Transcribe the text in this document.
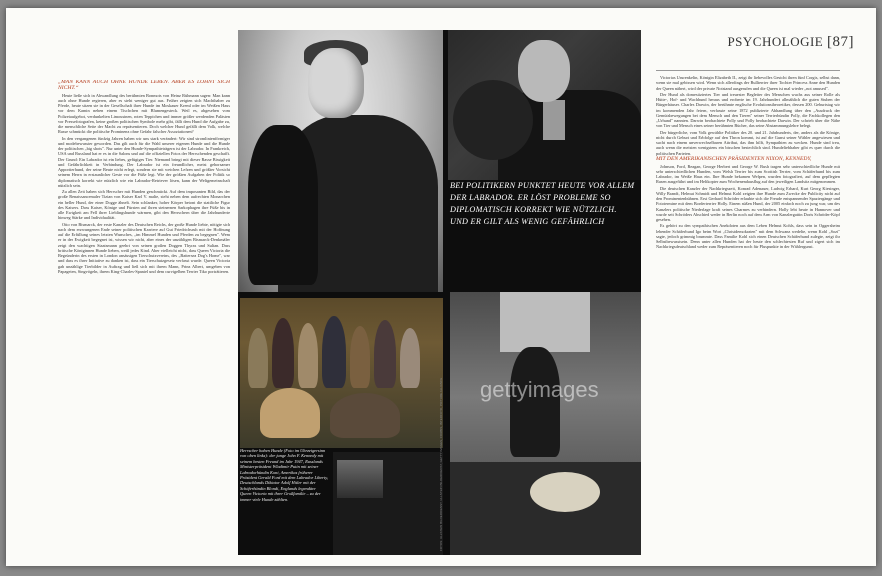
PSYCHOLOGIE [87]

„MAN KANN AUCH OHNE HUNDE LEBEN. ABER ES LOHNT SICH NICHT.“

Heute ließe sich in Abwandlung des berühmten Bonmots von Heinz Rühmann sagen: Man kann auch ohne Hunde regieren, aber es sieht weniger gut aus. Früher zeigten sich Machthaber zu Pferde, heute sitzen sie in der Gesellschaft ihrer Hunde im Moskauer Kreml oder im Weißen Haus vor dem Kamin neben einem Tischchen mit Blumengesteck. Weil es, abgesehen vom Polizeiaufgebot, verdunkelten Limousinen, roten Teppichen und immer größer werdenden Palästen vor Pressefotografen, keine großen politischen Symbole mehr gibt, fällt dem Hund die Aufgabe zu, die menschliche Seite der Macht zu repräsentieren. Doch welcher Hund gefällt dem Volk, welche Rasse schmückt die politische Prominenz ohne Gefahr falscher Assoziationen?

In den vergangenen fünfzig Jahren haben wir uns stark verändert: Wir sind stromlinienförmiger und modebewusster geworden. Das gilt auch für die Wahl unserer eigenen Hunde und die Hunde der politischen „big shots". Nur unter den Hunde-Sympathieträgern ist der Labrador. In Frankreich, USA und Russland hat er es in die Salons und auf die offiziellen Fotos der Herrschenden geschafft. Der Grund: Ein Labrador ist ein liebes, gefügiges Tier. Niemand bringt mit dieser Rasse Bissigkeit und Gefährlichkeit in Verbindung. Der Labrador ist ein freundlicher, meist gehorsamer Apportierhund, der seine Beute nicht erlegt, sondern sie mit weichen Lefzen und größter Vorsicht seinem Herrn in erstaunlicher Geste vor die Füße legt. Wie der größten Aufgaben der Politik so diplomatisch korrekt wie nützlich wie ein Labrador-Retriever lösen, kann der Weltgemeinschaft nützlich sein.

Zu allen Zeit haben sich Herrscher mit Hunden geschmückt. Auf dem imposanten Bild, das der große Renaissancemaler Tizian von Kaiser Karl V. malte, steht neben dem aufrechten Monarchen ein heller Hund, der einer Dogge ähnelt. Sein schlanker, hoher Körper betont die stattliche Figur des Kaisers. Dass Kaiser, Könige und Fürsten auf ihren steinernen Sarkophagen ihre Füße bis in alle Ewigkeit am Fell ihrer Lieblingshunde wärmen, gibt den Herrschern über die Jahrhunderte hinweg Stärke und Individualität.

Otto von Bismarck, der erste Kanzler des Deutschen Reichs, der große Hunde liebte, nötigte sich nach dem erzwungenen Ende seiner politischen Karriere auf Gut Friedrichsruh mit der Hoffnung auf die Erfüllung seines letzten Wunsches, „im Himmel Hunden und Pferden zu begegnen". Wem er in der Ewigkeit begegnet ist, wissen wir nicht, aber eines der unzähligen Bismarck-Denkmäler zeigt den wachtigen Staatsmann geehrt von seinen großen Doggen Thyras und Sultan. Dass britische Königinnen Hunde lieben, weiß jedes Kind. Aber vielleicht nicht, dass Queen Victoria die Begründerin des ersten in London ansässigen Tierschutzvereins, des „Battersea Dog's Home", war und dass es ihrer Initiative zu danken ist, dass ein Tierschutzgesetz verfasst wurde. Queen Victoria gab unzählige Tierbilder in Auftrag und ließ sich mit ihrem Mann, Prinz Albert, umgeben von Papageien, Singvögeln, ihrem King-Charles-Spaniel und dem curvigelben Terrier Tiko porträtieren.

BEI POLITIKERN PUNKTET HEUTE VOR ALLEM DER LABRADOR. ER LÖST PROBLEME SO DIPLOMATISCH KORREKT WIE NÜTZLICH. UND ER GILT ALS WENIG GEFÄHRLICH
Herrscher haben Hunde (Foto im Uhrzeigersinn von oben links): der junge John F. Kennedy mit seinem besten Freund im Jahr 1947, Russlands Ministerpräsident Wladimir Putin mit seiner Labradorhündin Koni, Amerikas früherer Präsident Gerald Ford mit dem Labrador Liberty, Deutschlands Diktator Adolf Hitler mit der Schäferhündin Blondi, Englands legendäre Queen Victoria mit ihrer Großfamilie – zu der immer viele Hunde zählten.	FOTOS: ULLSTEIN BILDERDIENST, ULLSTEIN BILDERDIENST, GETTY IMAGES, CORBIS, INTERFOTO, PICTURE ALLIANCE gettyimages

Victorias Ururenkelin, Königin Elizabeth II., zeigt ihr liebevolles Gesicht ihren fünf Corgis, selbst dann, wenn sie mal gebissen wird. Wenn sich allerdings der Bullterrier ihrer Tochter Princess Anne den Hunden der Queen nähert, wird der private Notstand ausgerufen und die Queen ist mal wieder „not amused".

Der Hund als domestiziertes Tier und treuester Begleiter des Menschen wuchs aus seiner Rolle als Hütte-, Hof- und Wachhund heraus und eroberte im 19. Jahrhundert allmählich die guten Stuben der Bürgerhäuser. Charles Darwin, der berühmte englische Evolutionstheoretiker, dessen 200. Geburtstag wir im kommenden Jahr feiern, verfasste seine 1872 publizierte Abhandlung über den „Ausdruck der Gemütsbewegungen bei dem Mensch und den Tieren" seiner Terrierhündin Polly, die Fachkollegen den „Urhund" nannten. Darwin beobachtete Polly und Polly beobachtete Darwin. Der schrieb über die Nähe von Tier und Mensch eines seiner berühmten Bücher, das seine Abstammungslehre belegt.

Der bürgerliche, vom Volk gewählte Politiker des 20. und 21. Jahrhunderts, der, anders als die Könige, nicht durch Geburt und Erbfolge auf den Thron kommt, ist auf die Gunst seiner Wähler angewiesen und sucht nach einem unverwechselbaren Attribut, das ihm hilft, Sympathien zu wecken. Hunde sind treu, auch wenn die meisten wenigstens ein bisschen bestechlich sind. Hundeliebhaber gibt es quer durch die politischen Parteien.

MIT DEN AMERIKANISCHEN PRÄSIDENTEN NIXON, KENNEDY,

Johnson, Ford, Reagan, George Herbert und George W. Bush tragen sehr unterschiedliche Hunde mit sehr unterschiedlichen Hunden, vom Welsh Terrier bis zum Scottish Terrier, vom Schäferhund bis zum Labrador, im Weiße Haus ein. Ihre Hunde bekamen Welpen, wurden fotografiert, auf dem gepflegten Rasen ausgeführt und im Helikopter zum Wochenendausflug auf den jeweiligen Landsitz mitgenommen.

Die deutschen Kanzler der Nachkriegszeit, Konrad Adenauer, Ludwig Erhard, Kurt Georg Kiesinger, Willy Brandt, Helmut Schmidt und Helmut Kohl zeigten ihre Hunde zum Zwecke der Publicity nicht auf den Prominentenbühnen. Erst Gerhard Schröder erlaubte sich die Freude entspannender Spaziergänge und Fototermine mit dem Borderterrier Holly. Einem süßen Hund, der 2005 einfach noch zu jung war, um des Kanzlers politische Niederlage kraft seines Charmes zu verhindern. Holly lebt heute in Hannover und wurde seit Schröders Abschied weder in Berlin noch auf dem Arm von Kanzlergattin Doris Schröder-Köpf gesehen.

Es gehört zu den sympathischen Anekdoten aus dem Leben Helmut Kohls, dass sein in Oggersheim lebender Schäferhund Igo beim Wort „Christdemokraten" mit dem Schwanz wedelte, wenn Kohl „Sozi" sagte, jedoch grimmig brummte. Dass Familie Kohl sich einen Deutschen Schäferhund zulegte, zeigt ihr Selbstbewusstsein. Denn unter allen Hunden hat der heute den schlechtesten Ruf und zigert sich im Nachkriegsdeutschland weder zum Repräsentieren noch für Pluspunkte in der Wählergunst.
